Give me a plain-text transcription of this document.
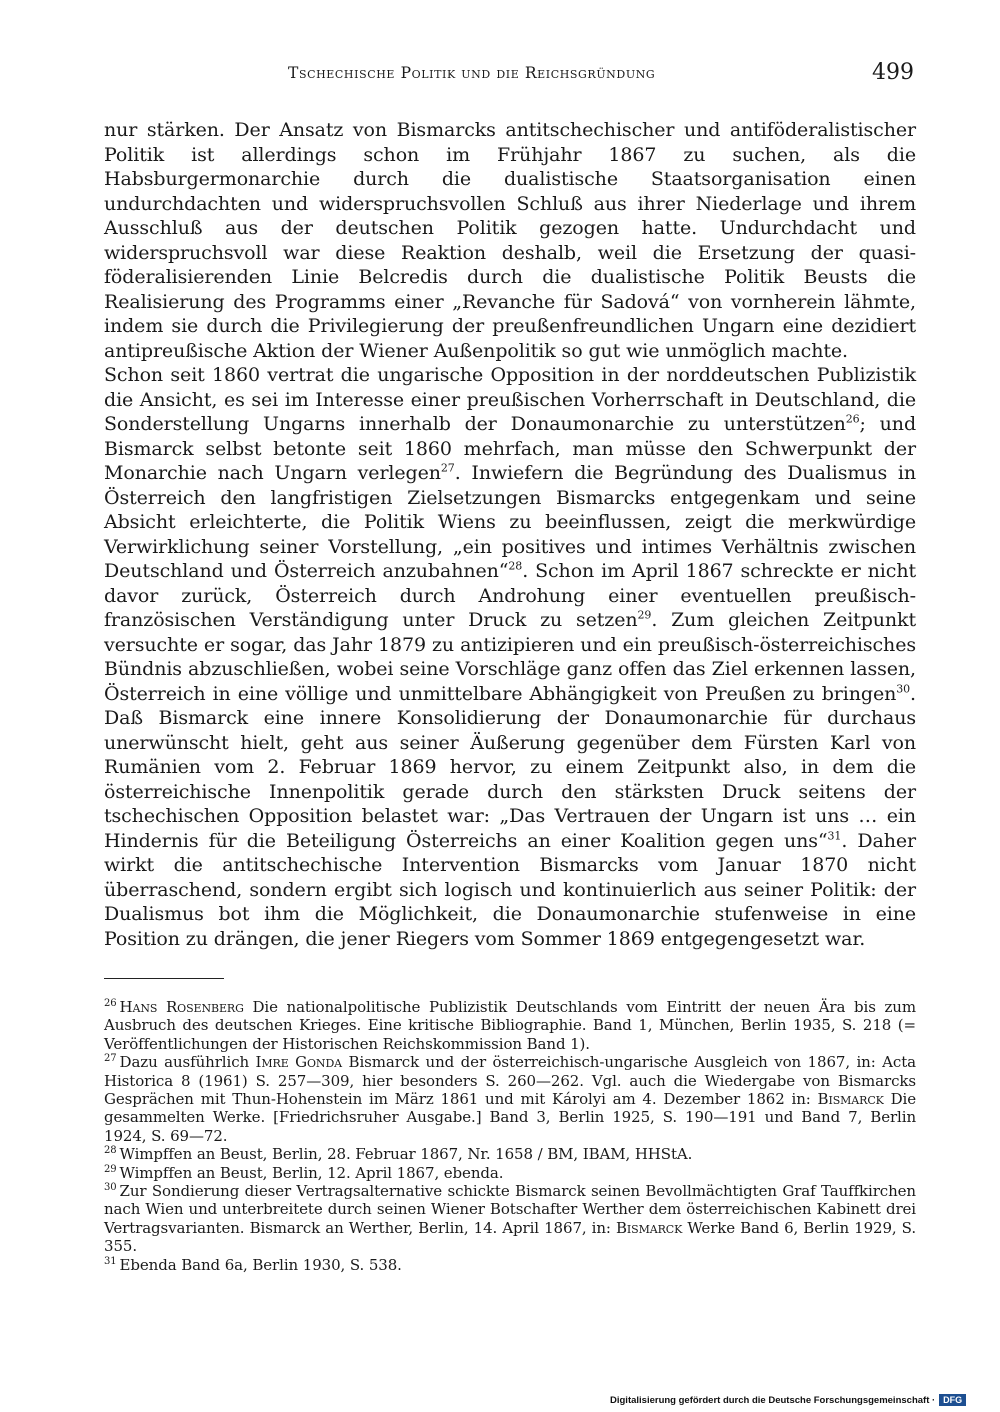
Tschechische Politik und die Reichsgründung	499

nur stärken. Der Ansatz von Bismarcks antitschechischer und antiföderalistischer Politik ist allerdings schon im Frühjahr 1867 zu suchen, als die Habsburgermonarchie durch die dualistische Staatsorganisation einen undurchdachten und widerspruchsvollen Schluß aus ihrer Niederlage und ihrem Ausschluß aus der deutschen Politik gezogen hatte. Undurchdacht und widerspruchsvoll war diese Reaktion deshalb, weil die Ersetzung der quasi-föderalisierenden Linie Belcredis durch die dualistische Politik Beusts die Realisierung des Programms einer „Revanche für Sadová“ von vornherein lähmte, indem sie durch die Privilegierung der preußenfreundlichen Ungarn eine dezidiert antipreußische Aktion der Wiener Außenpolitik so gut wie unmöglich machte.

Schon seit 1860 vertrat die ungarische Opposition in der norddeutschen Publizistik die Ansicht, es sei im Interesse einer preußischen Vorherrschaft in Deutschland, die Sonderstellung Ungarns innerhalb der Donaumonarchie zu unterstützen$^{26}$; und Bismarck selbst betonte seit 1860 mehrfach, man müsse den Schwerpunkt der Monarchie nach Ungarn verlegen$^{27}$. Inwiefern die Begründung des Dualismus in Österreich den langfristigen Zielsetzungen Bismarcks entgegenkam und seine Absicht erleichterte, die Politik Wiens zu beeinflussen, zeigt die merkwürdige Verwirklichung seiner Vorstellung, „ein positives und intimes Verhältnis zwischen Deutschland und Österreich anzubahnen“$^{28}$. Schon im April 1867 schreckte er nicht davor zurück, Österreich durch Androhung einer eventuellen preußisch-französischen Verständigung unter Druck zu setzen$^{29}$. Zum gleichen Zeitpunkt versuchte er sogar, das Jahr 1879 zu antizipieren und ein preußisch-österreichisches Bündnis abzuschließen, wobei seine Vorschläge ganz offen das Ziel erkennen lassen, Österreich in eine völlige und unmittelbare Abhängigkeit von Preußen zu bringen$^{30}$. Daß Bismarck eine innere Konsolidierung der Donaumonarchie für durchaus unerwünscht hielt, geht aus seiner Äußerung gegenüber dem Fürsten Karl von Rumänien vom 2. Februar 1869 hervor, zu einem Zeitpunkt also, in dem die österreichische Innenpolitik gerade durch den stärksten Druck seitens der tschechischen Opposition belastet war: „Das Vertrauen der Ungarn ist uns … ein Hindernis für die Beteiligung Österreichs an einer Koalition gegen uns“$^{31}$. Daher wirkt die antitschechische Intervention Bismarcks vom Januar 1870 nicht überraschend, sondern ergibt sich logisch und kontinuierlich aus seiner Politik: der Dualismus bot ihm die Möglichkeit, die Donaumonarchie stufenweise in eine Position zu drängen, die jener Riegers vom Sommer 1869 entgegengesetzt war.

$^{26}$ Hans Rosenberg Die nationalpolitische Publizistik Deutschlands vom Eintritt der neuen Ära bis zum Ausbruch des deutschen Krieges. Eine kritische Bibliographie. Band 1, München, Berlin 1935, S. 218 (= Veröffentlichungen der Historischen Reichskommission Band 1).
$^{27}$ Dazu ausführlich Imre Gonda Bismarck und der österreichisch-ungarische Ausgleich von 1867, in: Acta Historica 8 (1961) S. 257—309, hier besonders S. 260—262. Vgl. auch die Wiedergabe von Bismarcks Gesprächen mit Thun-Hohenstein im März 1861 und mit Károlyi am 4. Dezember 1862 in: Bismarck Die gesammelten Werke. [Friedrichsruher Ausgabe.] Band 3, Berlin 1925, S. 190—191 und Band 7, Berlin 1924, S. 69—72.
$^{28}$ Wimpffen an Beust, Berlin, 28. Februar 1867, Nr. 1658 / BM, IBAM, HHStA.
$^{29}$ Wimpffen an Beust, Berlin, 12. April 1867, ebenda.
$^{30}$ Zur Sondierung dieser Vertragsalternative schickte Bismarck seinen Bevollmächtigten Graf Tauffkirchen nach Wien und unterbreitete durch seinen Wiener Botschafter Werther dem österreichischen Kabinett drei Vertragsvarianten. Bismarck an Werther, Berlin, 14. April 1867, in: Bismarck Werke Band 6, Berlin 1929, S. 355.
$^{31}$ Ebenda Band 6a, Berlin 1930, S. 538.
Digitalisierung gefördert durch die Deutsche Forschungsgemeinschaft · DFG
